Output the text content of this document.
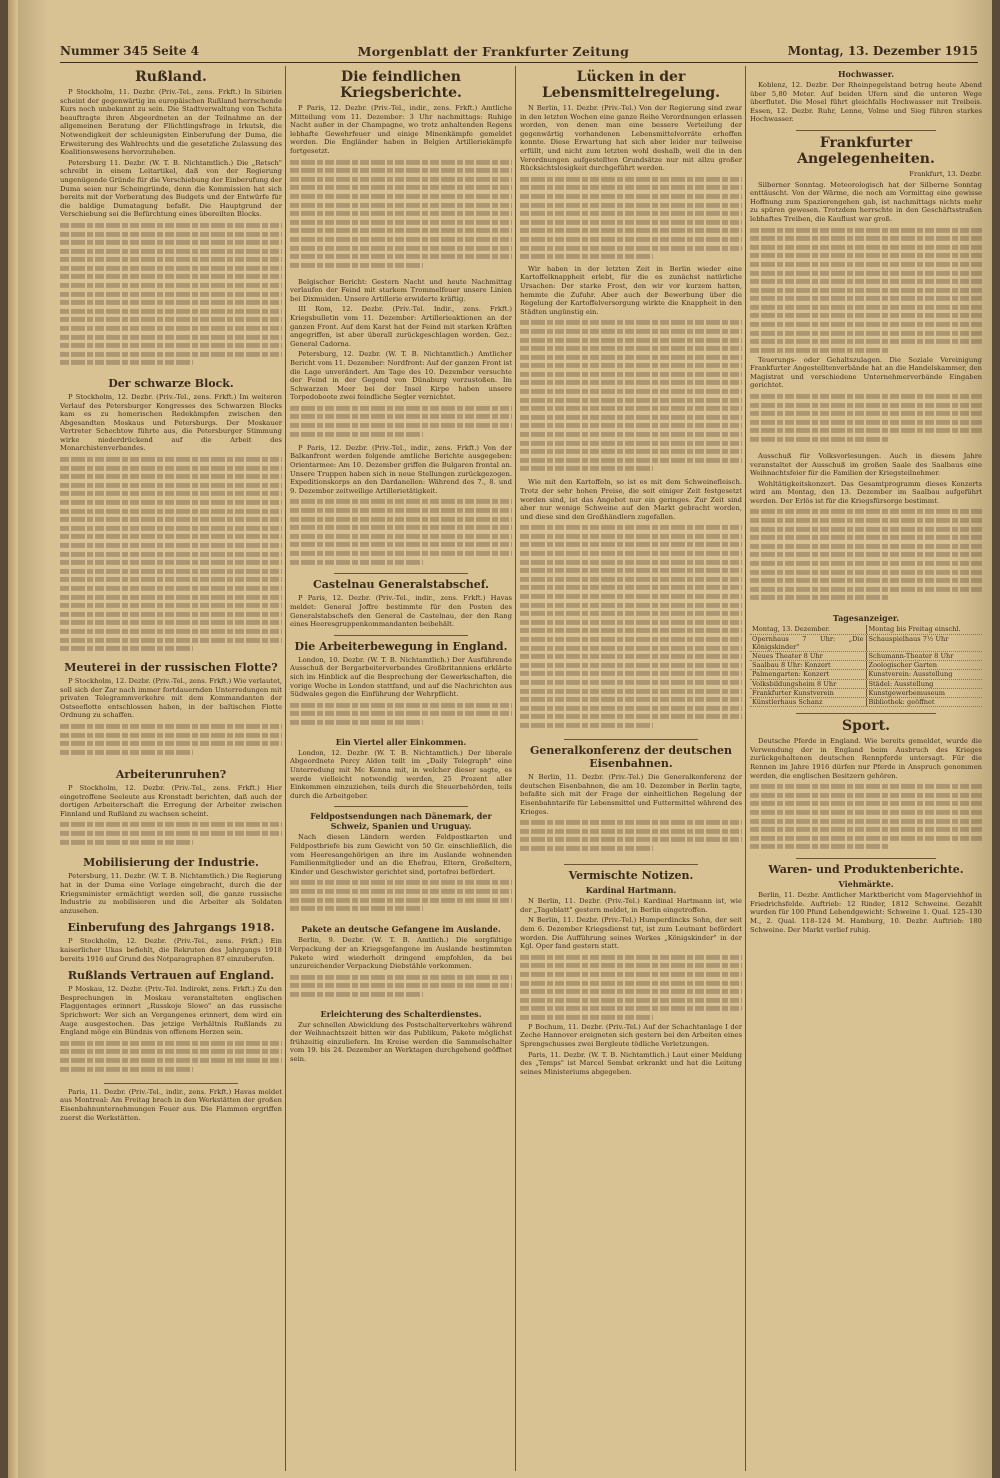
Nummer 345 Seite 4	Morgenblatt der Frankfurter Zeitung	Montag, 13. Dezember 1915
Rußland.

P Stockholm, 11. Dezbr. (Priv.-Tel., zens. Frkft.) In Sibirien scheint der gegenwärtig im europäischen Rußland herrschende Kurs noch unbekannt zu sein. Die Stadtverwaltung von Tschita beauftragte ihren Abgeordneten an der Teilnahme an der allgemeinen Beratung der Flüchtlingsfrage in Irkutsk, die Notwendigkeit der schleunigsten Einberufung der Duma, die Erweiterung des Wahlrechts und die gesetzliche Zulassung des Koalitionswesens hervorzuheben.

Petersburg 11. Dezbr. (W. T. B. Nichtamtlich.) Die „Retsch" schreibt in einem Leitartikel, daß von der Regierung ungenügende Gründe für die Verschiebung der Einberufung der Duma seien nur Scheingründe, denn die Kommission hat sich bereits mit der Vorberatung des Budgets und der Entwürfe für die baldige Dumatagung befaßt. Die Hauptgrund der Verschiebung sei die Befürchtung eines übereilten Blocks.

Der schwarze Block.

P Stockholm, 12. Dezbr. (Priv.-Tel., zens. Frkft.) Im weiteren Verlauf des Petersburger Kongresses des Schwarzen Blocks kam es zu homerischen Redekämpfen zwischen den Abgesandten Moskaus und Petersburgs. Der Moskauer Vertreter Schechtow führte aus, die Petersburger Stimmung wirke niederdrückend auf die Arbeit des Monarchistenverbandes.

Meuterei in der russischen Flotte?

P Stockholm, 12. Dezbr. (Priv.-Tel., zens. Frkft.) Wie verlautet, soll sich der Zar nach immer fortdauernden Unterredungen mit privaten Telegrammverkehre mit dem Kommandanten der Ostseeflotte entschlossen haben, in der baltischen Flotte Ordnung zu schaffen.

Arbeiterunruhen?

P Stockholm, 12. Dezbr. (Priv.-Tel., zens. Frkft.) Hier eingetroffene Seeleute aus Kronstadt berichten, daß auch der dortigen Arbeiterschaft die Erregung der Arbeiter zwischen Finnland und Rußland zu wachsen scheint.

Mobilisierung der Industrie.

Petersburg, 11. Dezbr. (W. T. B. Nichtamtlich.) Die Regierung hat in der Duma eine Vorlage eingebracht, durch die der Kriegsminister ermächtigt werden soll, die ganze russische Industrie zu mobilisieren und die Arbeiter als Soldaten anzusehen.

Einberufung des Jahrgangs 1918.

P Stockholm, 12. Dezbr. (Priv.-Tel., zens. Frkft.) Ein kaiserlicher Ukas befiehlt, die Rekruten des Jahrgangs 1918 bereits 1916 auf Grund des Notparagraphen 87 einzuberufen.

Rußlands Vertrauen auf England.

P Moskau, 12. Dezbr. (Priv.-Tel. Indirekt, zens. Frkft.) Zu den Besprechungen in Moskau veranstalteten englischen Flaggentages erinnert „Russkoje Slowo" an das russische Sprichwort: Wer sich an Vergangenes erinnert, dem wird ein Auge ausgestochen. Das jetzige Verhältnis Rußlands zu England möge ein Bündnis von offenem Herzen sein.

Paris, 11. Dezbr. (Priv.-Tel., indir., zens. Frkft.) Havas meldet aus Montreal: Am Freitag brach in den Werkstätten der großen Eisenbahnunternehmungen Feuer aus. Die Flammen ergriffen zuerst die Werkstätten.

Die feindlichen Kriegsberichte.

P Paris, 12. Dezbr. (Priv.-Tel., indir., zens. Frkft.) Amtliche Mitteilung vom 11. Dezember: 3 Uhr nachmittags: Ruhige Nacht außer in der Champagne, wo trotz anhaltenden Regens lebhafte Gewehrfeuer und einige Minenkämpfe gemeldet werden. Die Engländer haben in Belgien Artilleriekämpfe fortgesetzt.

Belgischer Bericht: Gestern Nacht und heute Nachmittag verlaufen der Feind mit starkem Trommelfeuer unsere Linien bei Dixmuiden. Unsere Artillerie erwiderte kräftig.

III Rom, 12. Dezbr. (Priv.-Tel. Indir., zens. Frkft.) Kriegsbulletin vom 11. Dezember: Artillerieaktionen an der ganzen Front. Auf dem Karst hat der Feind mit starken Kräften angegriffen, ist aber überall zurückgeschlagen worden. Gez.: General Cadorna.

Petersburg, 12. Dezbr. (W. T. B. Nichtamtlich.) Amtlicher Bericht vom 11. Dezember: Nordfront: Auf der ganzen Front ist die Lage unverändert. Am Tage des 10. Dezember versuchte der Feind in der Gegend von Dünaburg vorzustoßen. Im Schwarzen Meer bei der Insel Kirpe haben unsere Torpedoboote zwei feindliche Segler vernichtet.

P Paris, 12. Dezbr. (Priv.-Tel., indir., zens. Frkft.) Von der Balkanfront werden folgende amtliche Berichte ausgegeben: Orientarmee: Am 10. Dezember griffen die Bulgaren frontal an. Unsere Truppen haben sich in neue Stellungen zurückgezogen. Expeditionskorps an den Dardanellen: Während des 7., 8. und 9. Dezember zeitweilige Artillerietätigkeit.

Castelnau Generalstabschef.

P Paris, 12. Dezbr. (Priv.-Tel., indir., zens. Frkft.) Havas meldet: General Joffre bestimmte für den Posten des Generalstabschefs den General de Castelnau, der den Rang eines Heeresgruppenkommandanten beibehält.

Die Arbeiterbewegung in England.

London, 10. Dezbr. (W. T. B. Nichtamtlich.) Der Ausführende Ausschuß der Bergarbeiterverbandes Großbritanniens erklärte sich im Hinblick auf die Besprechung der Gewerkschaften, die vorige Woche in London stattfand, und auf die Nachrichten aus Südwales gegen die Einführung der Wehrpflicht.

Ein Viertel aller Einkommen.

London, 12. Dezbr. (W. T. B. Nichtamtlich.) Der liberale Abgeordnete Percy Alden teilt im „Daily Telegraph" eine Unterredung mit Mc Kenna mit, in welcher dieser sagte, es werde vielleicht notwendig werden, 25 Prozent aller Einkommen einzuziehen, teils durch die Steuerbehörden, teils durch die Arbeitgeber.

Feldpostsendungen nach Dänemark, der Schweiz, Spanien und Uruguay.

Nach diesen Ländern werden Feldpostkarten und Feldpostbriefe bis zum Gewicht von 50 Gr. einschließlich, die vom Heeresangehörigen an ihre im Auslande wohnenden Familienmitglieder und an die Ehefrau, Eltern, Großeltern, Kinder und Geschwister gerichtet sind, portofrei befördert.

Pakete an deutsche Gefangene im Auslande.

Berlin, 9. Dezbr. (W. T. B. Amtlich.) Die sorgfältige Verpackung der an Kriegsgefangene im Auslande bestimmten Pakete wird wiederholt dringend empfohlen, da bei unzureichender Verpackung Diebstähle vorkommen.

Erleichterung des Schalterdienstes.

Zur schnellen Abwicklung des Postschalterverkehrs während der Weihnachtszeit bitten wir das Publikum, Pakete möglichst frühzeitig einzuliefern. Im Kreise werden die Sammelschalter vom 19. bis 24. Dezember an Werktagen durchgehend geöffnet sein.

Lücken in der Lebensmittelregelung.

N Berlin, 11. Dezbr. (Priv.-Tel.) Von der Regierung sind zwar in den letzten Wochen eine ganze Reihe Verordnungen erlassen worden, von denen man eine bessere Verteilung der gegenwärtig vorhandenen Lebensmittelvorräte erhoffen konnte. Diese Erwartung hat sich aber leider nur teilweise erfüllt, und nicht zum letzten wohl deshalb, weil die in den Verordnungen aufgestellten Grundsätze nur mit allzu großer Rücksichtslosigkeit durchgeführt werden.

Wir haben in der letzten Zeit in Berlin wieder eine Kartoffelknappheit erlebt, für die es zunächst natürliche Ursachen: Der starke Frost, den wir vor kurzem hatten, hemmte die Zufuhr. Aber auch der Bewerbung über die Regelung der Kartoffelversorgung wirkte die Knappheit in den Städten ungünstig ein.

Wie mit den Kartoffeln, so ist es mit dem Schweinefleisch. Trotz der sehr hohen Preise, die seit einiger Zeit festgesetzt worden sind, ist das Angebot nur ein geringes. Zur Zeit sind aber nur wenige Schweine auf den Markt gebracht worden, und diese sind den Großhändlern zugefallen.

Generalkonferenz der deutschen Eisenbahnen.

N Berlin, 11. Dezbr. (Priv.-Tel.) Die Generalkonferenz der deutschen Eisenbahnen, die am 10. Dezember in Berlin tagte, befaßte sich mit der Frage der einheitlichen Regelung der Eisenbahntarife für Lebensmittel und Futtermittel während des Krieges.

Vermischte Notizen.
Kardinal Hartmann.

N Berlin, 11. Dezbr. (Priv.-Tel.) Kardinal Hartmann ist, wie der „Tageblatt" gestern meldet, in Berlin eingetroffen.

N Berlin, 11. Dezbr. (Priv.-Tel.) Humperdincks Sohn, der seit dem 6. Dezember Kriegsdienst tut, ist zum Leutnant befördert worden. Die Aufführung seines Werkes „Königskinder" in der Kgl. Oper fand gestern statt.

P Bochum, 11. Dezbr. (Priv.-Tel.) Auf der Schachtanlage I der Zeche Hannover ereigneten sich gestern bei den Arbeiten eines Sprengschusses zwei Bergleute tödliche Verletzungen.

Paris, 11. Dezbr. (W. T. B. Nichtamtlich.) Laut einer Meldung des „Temps" ist Marcel Sembat erkrankt und hat die Leitung seines Ministeriums abgegeben.

Hochwasser.

Koblenz, 12. Dezbr. Der Rheinpegelstand betrug heute Abend über 5,80 Meter. Auf beiden Ufern sind die unteren Wege überflutet. Die Mosel führt gleichfalls Hochwasser mit Treibeis. Essen, 12. Dezbr. Ruhr, Lenne, Volme und Sieg führen starkes Hochwasser.

Frankfurter Angelegenheiten.

Frankfurt, 13. Dezbr.

Silberner Sonntag. Meteorologisch hat der Silberne Sonntag enttäuscht. Von der Wärme, die noch am Vormittag eine gewisse Hoffnung zum Spazierengehen gab, ist nachmittags nichts mehr zu spüren gewesen. Trotzdem herrschte in den Geschäftsstraßen lebhaftes Treiben, die Kauflust war groß.

Teuerungs- oder Gehaltszulagen. Die Soziale Vereinigung Frankfurter Angestelltenverbände hat an die Handelskammer, den Magistrat und verschiedene Unternehmerverbände Eingaben gerichtet.

Ausschuß für Volksvorlesungen. Auch in diesem Jahre veranstaltet der Ausschuß im großen Saale des Saalbaus eine Weihnachtsfeier für die Familien der Kriegsteilnehmer.

Wohltätigkeitskonzert. Das Gesamtprogramm dieses Konzerts wird am Montag, den 13. Dezember im Saalbau aufgeführt werden. Der Erlös ist für die Kriegsfürsorge bestimmt.

Tagesanzeiger.
Montag, 13. Dezember.	Montag bis Freitag einschl.
Opernhaus 7 Uhr: „Die Königskinder"
Schauspielhaus 7½ Uhr
Neues Theater 8 Uhr	Schumann-Theater 8 Uhr
Saalbau 8 Uhr: Konzert	Zoologischer Garten
Palmengarten: Konzert	Kunstverein: Ausstellung
Volksbildungsheim 8 Uhr	Städel: Ausstellung
Frankfurter Kunstverein	Kunstgewerbemuseum
Künstlerhaus Schanz	Bibliothek: geöffnet
Sport.

Deutsche Pferde in England. Wie bereits gemeldet, wurde die Verwendung der in England beim Ausbruch des Krieges zurückgehaltenen deutschen Rennpferde untersagt. Für die Rennen im Jahre 1916 dürfen nur Pferde in Anspruch genommen werden, die englischen Besitzern gehören.

Waren- und Produktenberichte.
Viehmärkte.

Berlin, 11. Dezbr. Amtlicher Marktbericht vom Magerviehhof in Friedrichsfelde. Auftrieb: 12 Rinder, 1812 Schweine. Gezahlt wurden für 100 Pfund Lebendgewicht: Schweine 1. Qual. 125–130 M., 2. Qual. 118–124 M. Hamburg, 10. Dezbr. Auftrieb: 180 Schweine. Der Markt verlief ruhig.
